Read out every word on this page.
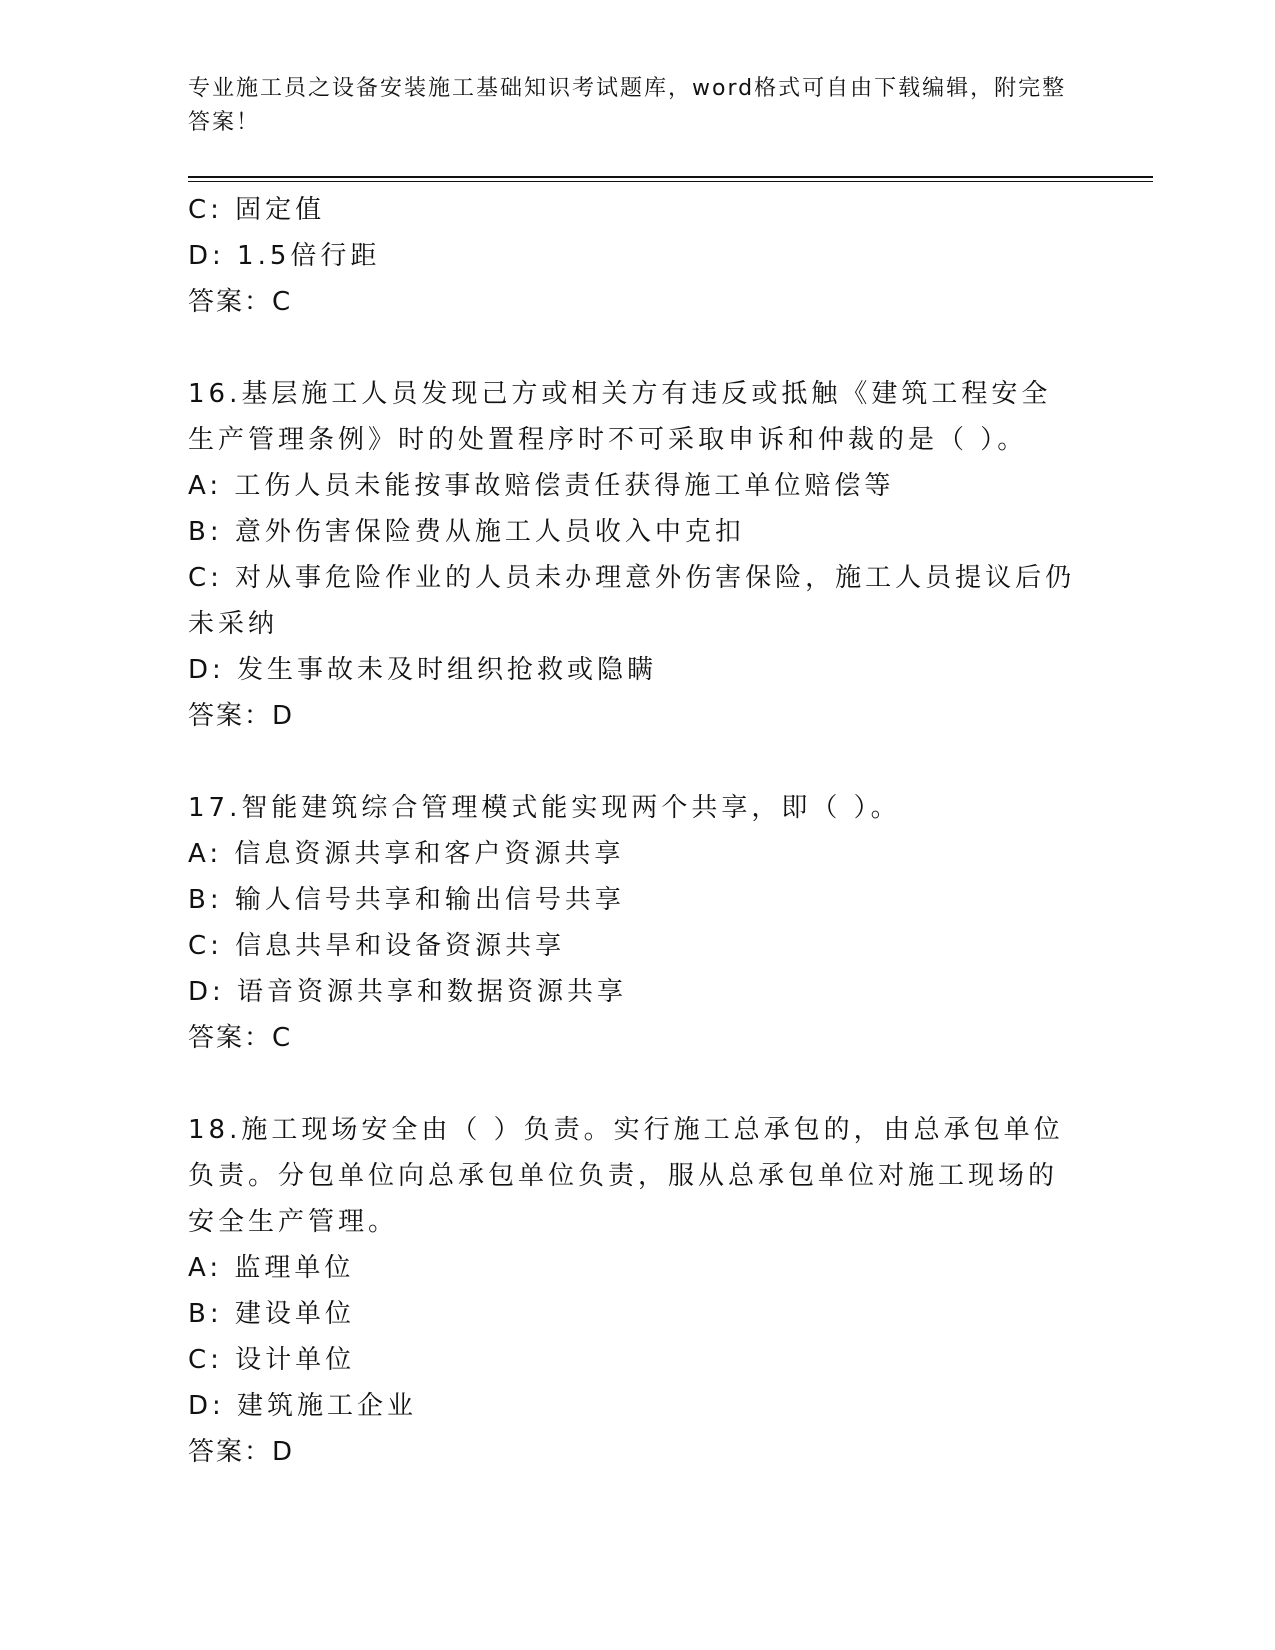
专业施工员之设备安装施工基础知识考试题库，word格式可自由下载编辑，附完整答案！
C: 固定值
D: 1.5倍行距
答案：C
16.基层施工人员发现己方或相关方有违反或抵触《建筑工程安全生产管理条例》时的处置程序时不可采取申诉和仲裁的是（ ）。
A: 工伤人员未能按事故赔偿责任获得施工单位赔偿等
B: 意外伤害保险费从施工人员收入中克扣
C: 对从事危险作业的人员未办理意外伤害保险，施工人员提议后仍未采纳
D: 发生事故未及时组织抢救或隐瞒
答案：D
17.智能建筑综合管理模式能实现两个共享，即（ ）。
A: 信息资源共享和客户资源共享
B: 输人信号共享和输出信号共享
C: 信息共旱和设备资源共享
D: 语音资源共享和数据资源共享
答案：C
18.施工现场安全由（ ）负责。实行施工总承包的，由总承包单位负责。分包单位向总承包单位负责，服从总承包单位对施工现场的安全生产管理。
A: 监理单位
B: 建设单位
C: 设计单位
D: 建筑施工企业
答案：D
